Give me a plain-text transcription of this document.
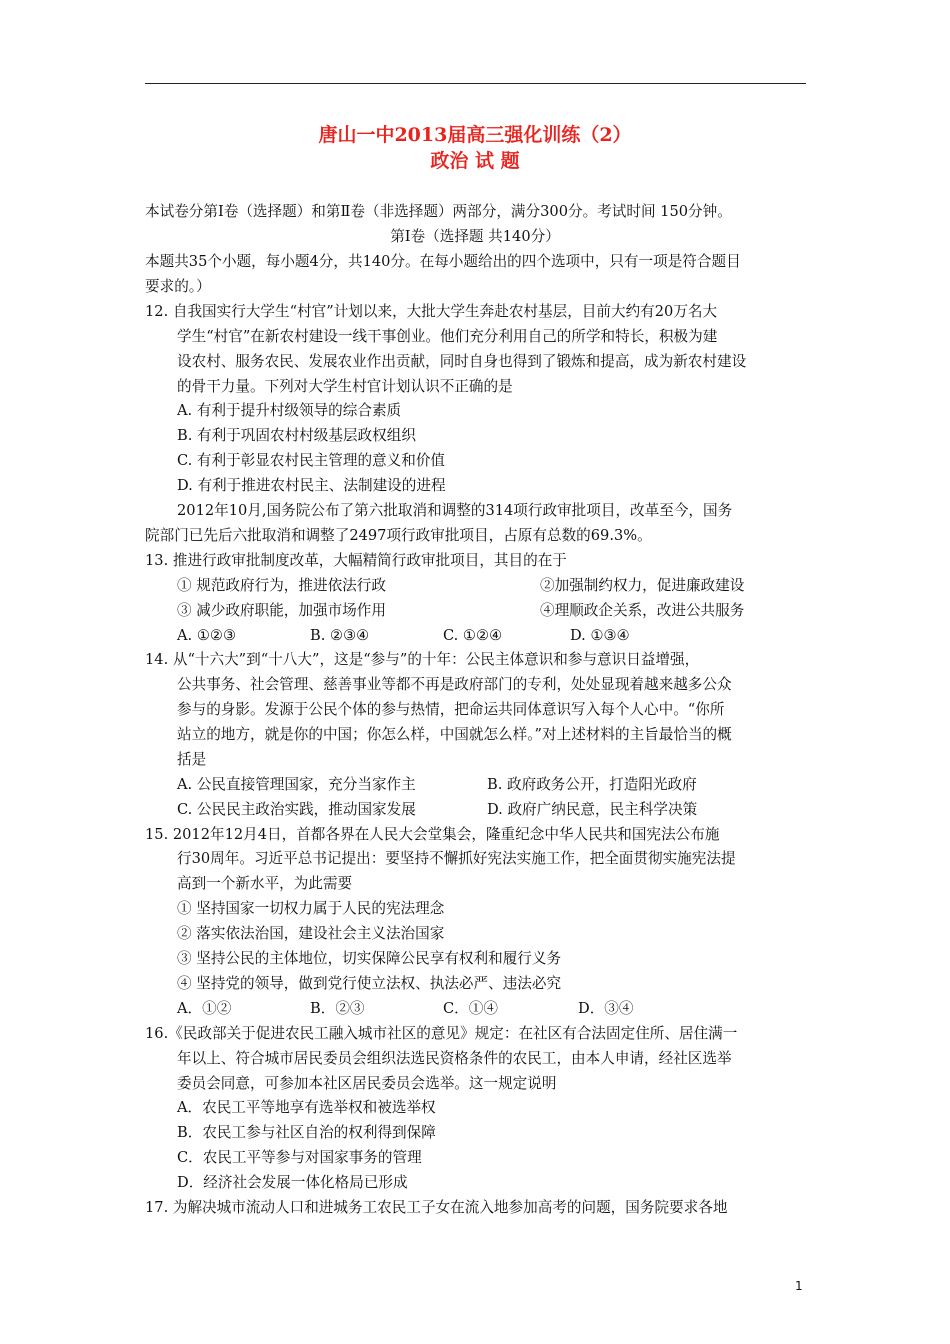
唐山一中2013届高三强化训练（2）
政治 试 题
本试卷分第Ⅰ卷（选择题）和第Ⅱ卷（非选择题）两部分，满分300分。考试时间 150分钟。
第Ⅰ卷（选择题 共140分）
本题共35个小题，每小题4分，共140分。在每小题给出的四个选项中，只有一项是符合题目
要求的。）
12. 自我国实行大学生“村官”计划以来，大批大学生奔赴农村基层，目前大约有20万名大
学生“村官”在新农村建设一线干事创业。他们充分利用自己的所学和特长，积极为建
设农村、服务农民、发展农业作出贡献，同时自身也得到了锻炼和提高，成为新农村建设
的骨干力量。下列对大学生村官计划认识不正确的是
A. 有利于提升村级领导的综合素质
B. 有利于巩固农村村级基层政权组织
C. 有利于彰显农村民主管理的意义和价值
D. 有利于推进农村民主、法制建设的进程
2012年10月,国务院公布了第六批取消和调整的314项行政审批项目，改革至今，国务
院部门已先后六批取消和调整了2497项行政审批项目，占原有总数的69.3%。
13. 推进行政审批制度改革，大幅精简行政审批项目，其目的在于
① 规范政府行为，推进依法行政	②加强制约权力，促进廉政建设
③ 减少政府职能，加强市场作用	④理顺政企关系，改进公共服务
A. ①②③	B. ②③④	C. ①②④	D. ①③④
14. 从“十六大”到“十八大”，这是“参与”的十年：公民主体意识和参与意识日益增强，
公共事务、社会管理、慈善事业等都不再是政府部门的专利，处处显现着越来越多公众
参与的身影。发源于公民个体的参与热情，把命运共同体意识写入每个人心中。“你所
站立的地方，就是你的中国；你怎么样，中国就怎么样。”对上述材料的主旨最恰当的概
括是
A. 公民直接管理国家，充分当家作主	B. 政府政务公开，打造阳光政府
C. 公民民主政治实践，推动国家发展	D. 政府广纳民意，民主科学决策
15. 2012年12月4日，首都各界在人民大会堂集会，隆重纪念中华人民共和国宪法公布施
行30周年。习近平总书记提出：要坚持不懈抓好宪法实施工作，把全面贯彻实施宪法提
高到一个新水平，为此需要
① 坚持国家一切权力属于人民的宪法理念
② 落实依法治国，建设社会主义法治国家
③ 坚持公民的主体地位，切实保障公民享有权利和履行义务
④ 坚持党的领导，做到党行使立法权、执法必严、违法必究
A．①②	B．②③	C．①④	D．③④
16.《民政部关于促进农民工融入城市社区的意见》规定：在社区有合法固定住所、居住满一
年以上、符合城市居民委员会组织法选民资格条件的农民工，由本人申请，经社区选举
委员会同意，可参加本社区居民委员会选举。这一规定说明
A．农民工平等地享有选举权和被选举权
B．农民工参与社区自治的权利得到保障
C．农民工平等参与对国家事务的管理
D．经济社会发展一体化格局已形成
17. 为解决城市流动人口和进城务工农民工子女在流入地参加高考的问题，国务院要求各地
1
